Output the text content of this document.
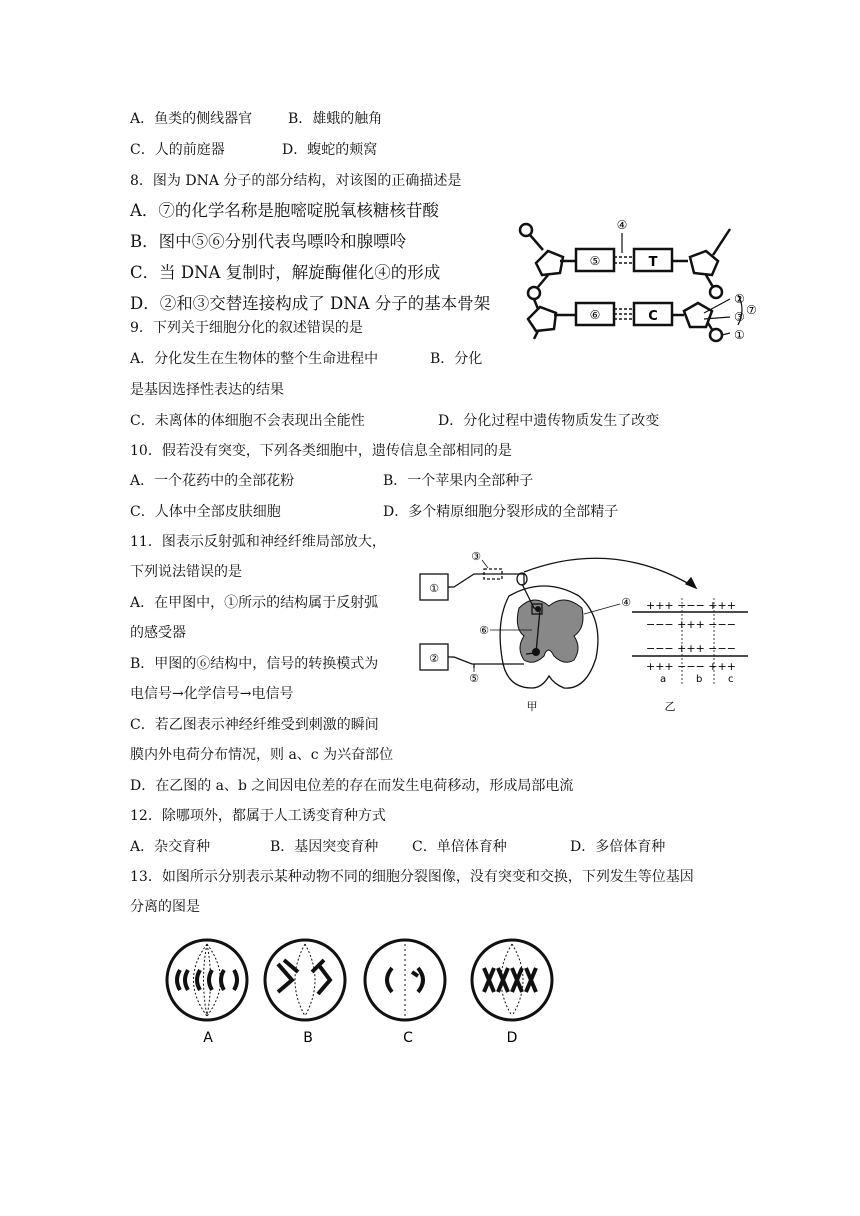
A．鱼类的侧线器官	B．雄蛾的触角
C．人的前庭器	D．蝮蛇的颊窝
8．图为 DNA 分子的部分结构，对该图的正确描述是
A．⑦的化学名称是胞嘧啶脱氧核糖核苷酸
B．图中⑤⑥分别代表鸟嘌呤和腺嘌呤
C．当 DNA 复制时，解旋酶催化④的形成
D．②和③交替连接构成了 DNA 分子的基本骨架
⑤	T
④
⑥	C
②
③
①
⑦
9．下列关于细胞分化的叙述错误的是
A．分化发生在生物体的整个生命进程中	B．分化
是基因选择性表达的结果
C．未离体的体细胞不会表现出全能性	D．分化过程中遗传物质发生了改变
10．假若没有突变，下列各类细胞中，遗传信息全部相同的是
A．一个花药中的全部花粉	B．一个苹果内全部种子
C．人体中全部皮肤细胞	D．多个精原细胞分裂形成的全部精子
11．图表示反射弧和神经纤维局部放大，
下列说法错误的是
A．在甲图中，①所示的结构属于反射弧
的感受器
B．甲图的⑥结构中，信号的转换模式为
电信号→化学信号→电信号
C．若乙图表示神经纤维受到刺激的瞬间
膜内外电荷分布情况，则 a、c 为兴奋部位
D．在乙图的 a、b 之间因电位差的存在而发生电荷移动，形成局部电流
①
②
③
④
⑤
⑥
甲
+++ −−− +++
−−− +++ −−−
−−− +++ −−−
+++ −−− +++
a	b	c
乙
12．除哪项外，都属于人工诱变育种方式
A．杂交育种	B．基因突变育种 C．单倍体育种	D．多倍体育种
13．如图所示分别表示某种动物不同的细胞分裂图像，没有突变和交换，下列发生等位基因
分离的图是
A	B	C	D
